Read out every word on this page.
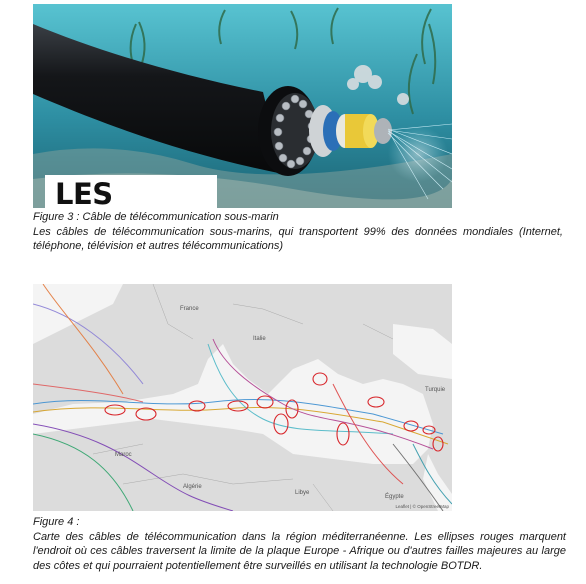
LES
Figure 3 : Câble de télécommunication sous-marin
Les câbles de télécommunication sous-marins, qui transportent 99% des données mondiales (Internet, téléphone, télévision et autres télécommunications)
France
Italie
Turquie
Maroc
Algérie
Libye
Égypte
Leaflet | © OpenStreetMap
Figure 4 :
Carte des câbles de télécommunication dans la région méditerranéenne. Les ellipses rouges marquent l'endroit où ces câbles traversent la limite de la plaque Europe - Afrique ou d'autres failles majeures au large des côtes et qui pourraient potentiellement être surveillés en utilisant la technologie BOTDR.
